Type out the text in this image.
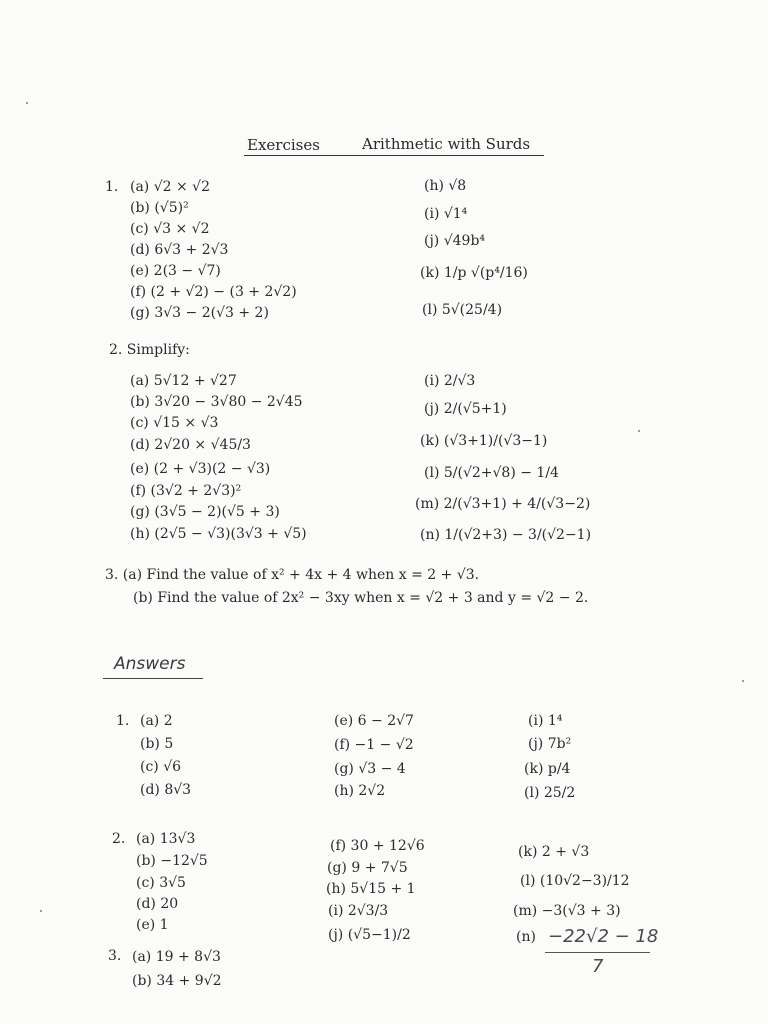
Exercises	Arithmetic with Surds
1. (a) √2 × √2
(b) (√5)²
(c) √3 × √2
(d) 6√3 + 2√3
(e) 2(3 − √7)
(f) (2 + √2) − (3 + 2√2)
(g) 3√3 − 2(√3 + 2)
(h) √8
(i) √1⁴
(j) √49b⁴
(k) 1/p √(p⁴/16)
(l) 5√(25/4)
2. Simplify:
(a) 5√12 + √27
(b) 3√20 − 3√80 − 2√45
(c) √15 × √3
(d) 2√20 × √45/3
(e) (2 + √3)(2 − √3)
(f) (3√2 + 2√3)²
(g) (3√5 − 2)(√5 + 3)
(h) (2√5 − √3)(3√3 + √5)
(i) 2/√3
(j) 2/(√5+1)
(k) (√3+1)/(√3−1)
(l) 5/(√2+√8) − 1/4
(m) 2/(√3+1) + 4/(√3−2)
(n) 1/(√2+3) − 3/(√2−1)
3. (a) Find the value of x² + 4x + 4 when x = 2 + √3.
(b) Find the value of 2x² − 3xy when x = √2 + 3 and y = √2 − 2.
Answers
1. (a) 2
(b) 5
(c) √6
(d) 8√3
(e) 6 − 2√7
(f) −1 − √2
(g) √3 − 4
(h) 2√2
(i) 1⁴
(j) 7b²
(k) p/4
(l) 25/2
2. (a) 13√3
(b) −12√5
(c) 3√5
(d) 20
(e) 1
(f) 30 + 12√6
(g) 9 + 7√5
(h) 5√15 + 1
(i) 2√3/3
(j) (√5−1)/2
(k) 2 + √3
(l) (10√2−3)/12
(m) −3(√3 + 3)
(n) −22√2 − 18
7
3. (a) 19 + 8√3
(b) 34 + 9√2
